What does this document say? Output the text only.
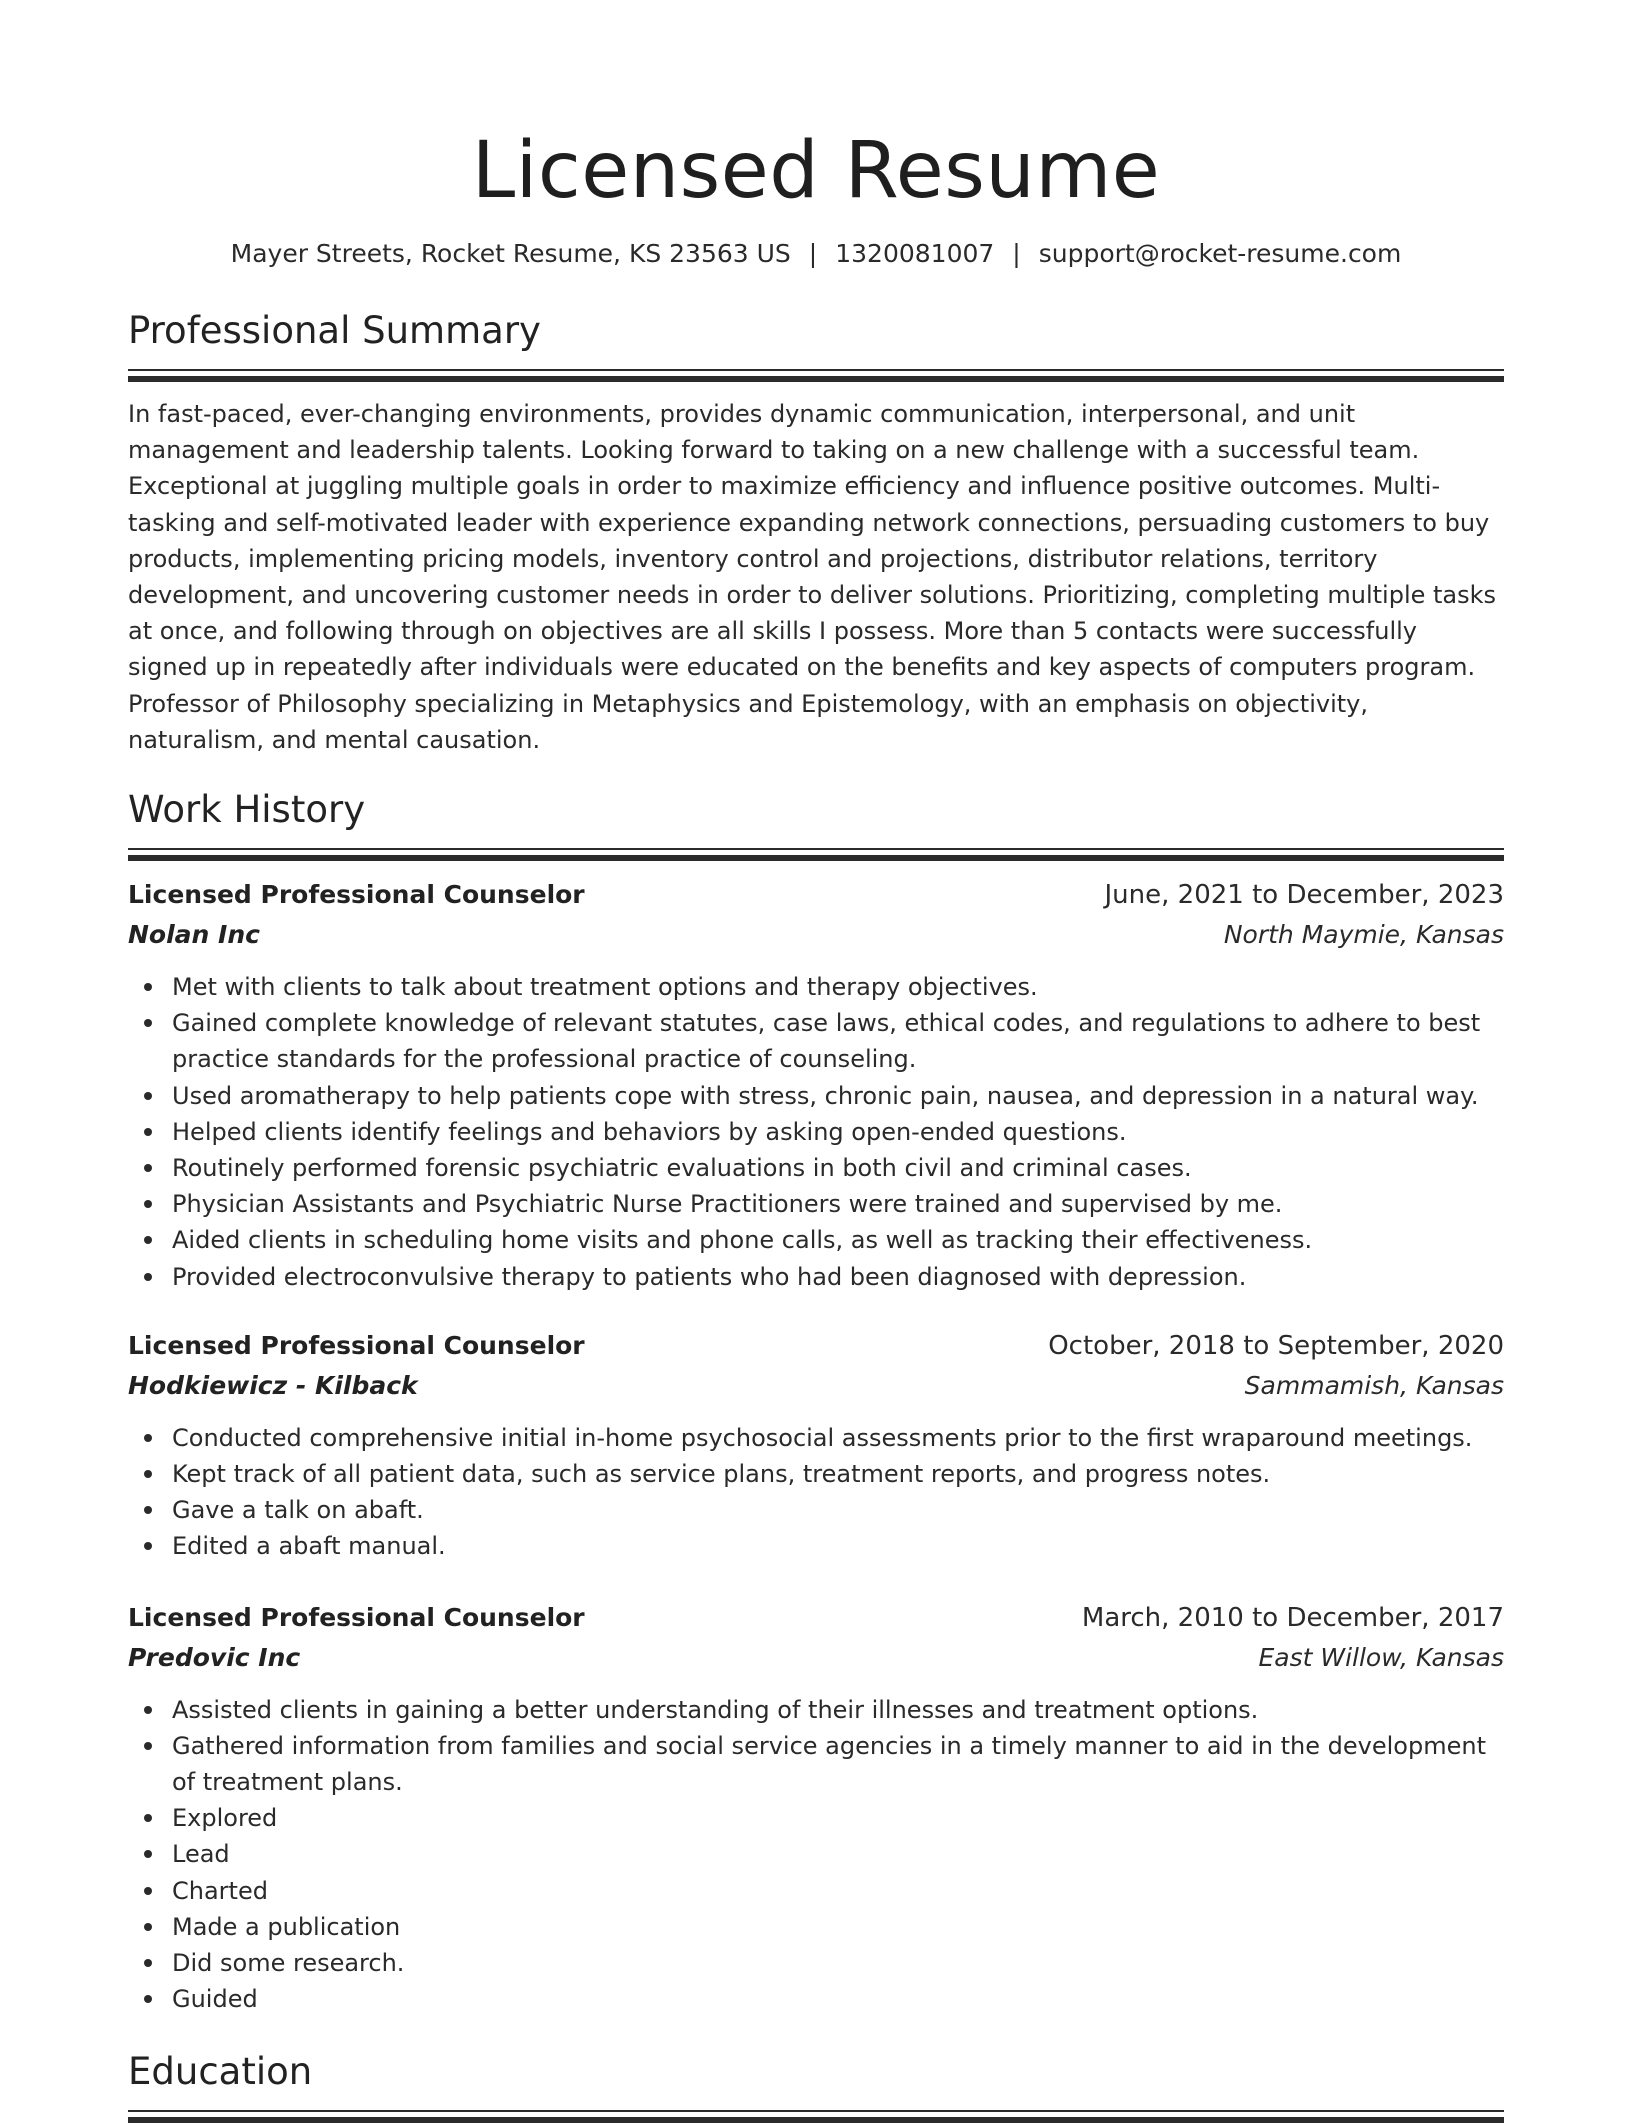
Licensed Resume
Mayer Streets, Rocket Resume, KS 23563 US | 1320081007 | support@rocket-resume.com
Professional Summary
In fast-paced, ever-changing environments, provides dynamic communication, interpersonal, and unit management and leadership talents. Looking forward to taking on a new challenge with a successful team. Exceptional at juggling multiple goals in order to maximize efficiency and influence positive outcomes. Multi-tasking and self-motivated leader with experience expanding network connections, persuading customers to buy products, implementing pricing models, inventory control and projections, distributor relations, territory development, and uncovering customer needs in order to deliver solutions. Prioritizing, completing multiple tasks at once, and following through on objectives are all skills I possess. More than 5 contacts were successfully signed up in repeatedly after individuals were educated on the benefits and key aspects of computers program. Professor of Philosophy specializing in Metaphysics and Epistemology, with an emphasis on objectivity, naturalism, and mental causation.
Work History
Licensed Professional Counselor	June, 2021 to December, 2023
Nolan Inc	North Maymie, Kansas
Met with clients to talk about treatment options and therapy objectives.
Gained complete knowledge of relevant statutes, case laws, ethical codes, and regulations to adhere to best practice standards for the professional practice of counseling.
Used aromatherapy to help patients cope with stress, chronic pain, nausea, and depression in a natural way.
Helped clients identify feelings and behaviors by asking open-ended questions.
Routinely performed forensic psychiatric evaluations in both civil and criminal cases.
Physician Assistants and Psychiatric Nurse Practitioners were trained and supervised by me.
Aided clients in scheduling home visits and phone calls, as well as tracking their effectiveness.
Provided electroconvulsive therapy to patients who had been diagnosed with depression.
Licensed Professional Counselor	October, 2018 to September, 2020
Hodkiewicz - Kilback	Sammamish, Kansas
Conducted comprehensive initial in-home psychosocial assessments prior to the first wraparound meetings.
Kept track of all patient data, such as service plans, treatment reports, and progress notes.
Gave a talk on abaft.
Edited a abaft manual.
Licensed Professional Counselor	March, 2010 to December, 2017
Predovic Inc	East Willow, Kansas
Assisted clients in gaining a better understanding of their illnesses and treatment options.
Gathered information from families and social service agencies in a timely manner to aid in the development of treatment plans.
Explored
Lead
Charted
Made a publication
Did some research.
Guided
Education
